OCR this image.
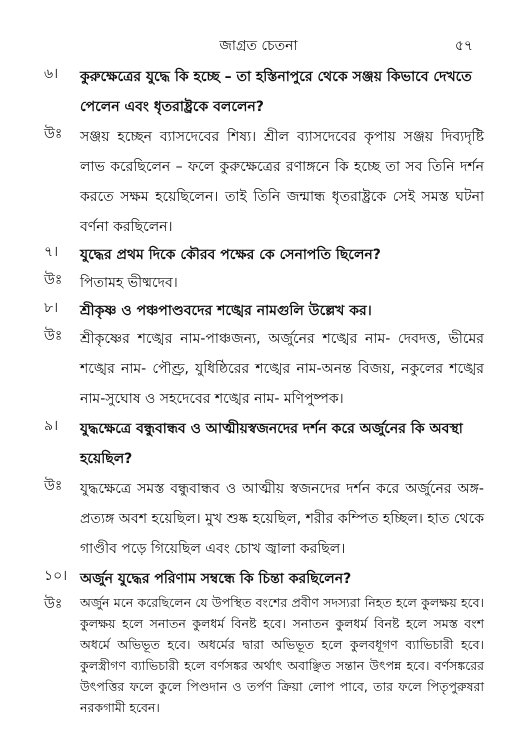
জাগ্রত চেতনা	৫৭
৬।	কুরুক্ষেত্রের যুদ্ধে কি হচ্ছে – তা হস্তিনাপুরে থেকে সঞ্জয় কিভাবে দেখতে পেলেন এবং ধৃতরাষ্ট্রকে বললেন?
উঃ	সঞ্জয় হচ্ছেন ব্যাসদেবের শিষ্য। শ্রীল ব্যাসদেবের কৃপায় সঞ্জয় দিব্যদৃষ্টি লাভ করেছিলেন – ফলে কুরুক্ষেত্রের রণাঙ্গনে কি হচ্ছে তা সব তিনি দর্শন করতে সক্ষম হয়েছিলেন। তাই তিনি জন্মান্ধ ধৃতরাষ্ট্রকে সেই সমস্ত ঘটনা বর্ণনা করছিলেন।
৭।	যুদ্ধের প্রথম দিকে কৌরব পক্ষের কে সেনাপতি ছিলেন?
উঃ	পিতামহ ভীষ্মদেব।
৮।	শ্রীকৃষ্ণ ও পঞ্চপাণ্ডবদের শঙ্খের নামগুলি উল্লেখ কর।
উঃ	শ্রীকৃষ্ণের শঙ্খের নাম-পাঞ্চজন্য, অর্জুনের শঙ্খের নাম- দেবদত্ত, ভীমের শঙ্খের নাম- পৌণ্ড্র, যুধিষ্ঠিরের শঙ্খের নাম-অনন্ত বিজয়, নকুলের শঙ্খের নাম-সুঘোষ ও সহদেবের শঙ্খের নাম- মণিপুষ্পক।
৯।	যুদ্ধক্ষেত্রে বন্ধুবান্ধব ও আত্মীয়স্বজনদের দর্শন করে অর্জুনের কি অবস্থা হয়েছিল?
উঃ	যুদ্ধক্ষেত্রে সমস্ত বন্ধুবান্ধব ও আত্মীয় স্বজনদের দর্শন করে অর্জুনের অঙ্গ-প্রত্যঙ্গ অবশ হয়েছিল। মুখ শুষ্ক হয়েছিল, শরীর কম্পিত হচ্ছিল। হাত থেকে গাণ্ডীব পড়ে গিয়েছিল এবং চোখ জ্বালা করছিল।
১০। অর্জুন যুদ্ধের পরিণাম সম্বন্ধে কি চিন্তা করছিলেন?
উঃ	অর্জুন মনে করেছিলেন যে উপস্থিত বংশের প্রবীণ সদস্যরা নিহত হলে কুলক্ষয় হবে। কুলক্ষয় হলে সনাতন কুলধর্ম বিনষ্ট হবে। সনাতন কুলধর্ম বিনষ্ট হলে সমস্ত বংশ অধর্মে অভিভূত হবে। অধর্মের দ্বারা অভিভূত হলে কুলবধূগণ ব্যাভিচারী হবে। কুলস্ত্রীগণ ব্যাভিচারী হলে বর্ণসঙ্কর অর্থাৎ অবাঞ্ছিত সন্তান উৎপন্ন হবে। বর্ণসঙ্করের উৎপত্তির ফলে কুলে পিণ্ডদান ও তর্পণ ক্রিয়া লোপ পাবে, তার ফলে পিতৃপুরুষরা নরকগামী হবেন।
